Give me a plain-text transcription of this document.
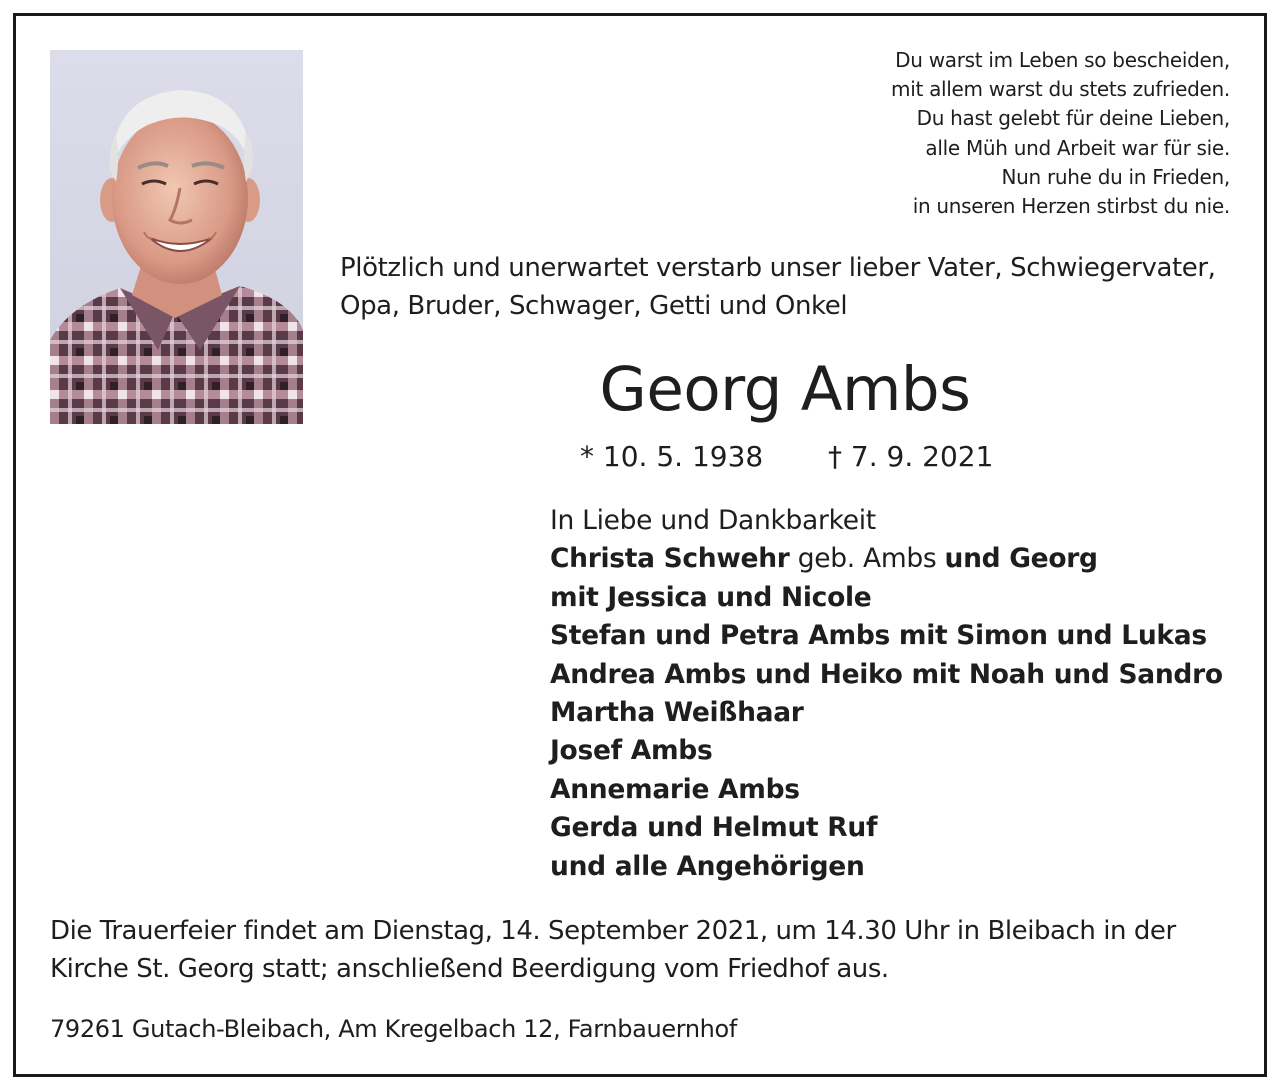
Du warst im Leben so bescheiden,
mit allem warst du stets zufrieden.
Du hast gelebt für deine Lieben,
alle Müh und Arbeit war für sie.
Nun ruhe du in Frieden,
in unseren Herzen stirbst du nie.
Plötzlich und unerwartet verstarb unser lieber Vater, Schwiegervater,
Opa, Bruder, Schwager, Getti und Onkel
Georg Ambs
* 10. 5. 1938 † 7. 9. 2021
In Liebe und Dankbarkeit
Christa Schwehr geb. Ambs und Georg
mit Jessica und Nicole
Stefan und Petra Ambs mit Simon und Lukas
Andrea Ambs und Heiko mit Noah und Sandro
Martha Weißhaar
Josef Ambs
Annemarie Ambs
Gerda und Helmut Ruf
und alle Angehörigen
Die Trauerfeier findet am Dienstag, 14. September 2021, um 14.30 Uhr in Bleibach in der
Kirche St. Georg statt; anschließend Beerdigung vom Friedhof aus.
79261 Gutach-Bleibach, Am Kregelbach 12, Farnbauernhof
